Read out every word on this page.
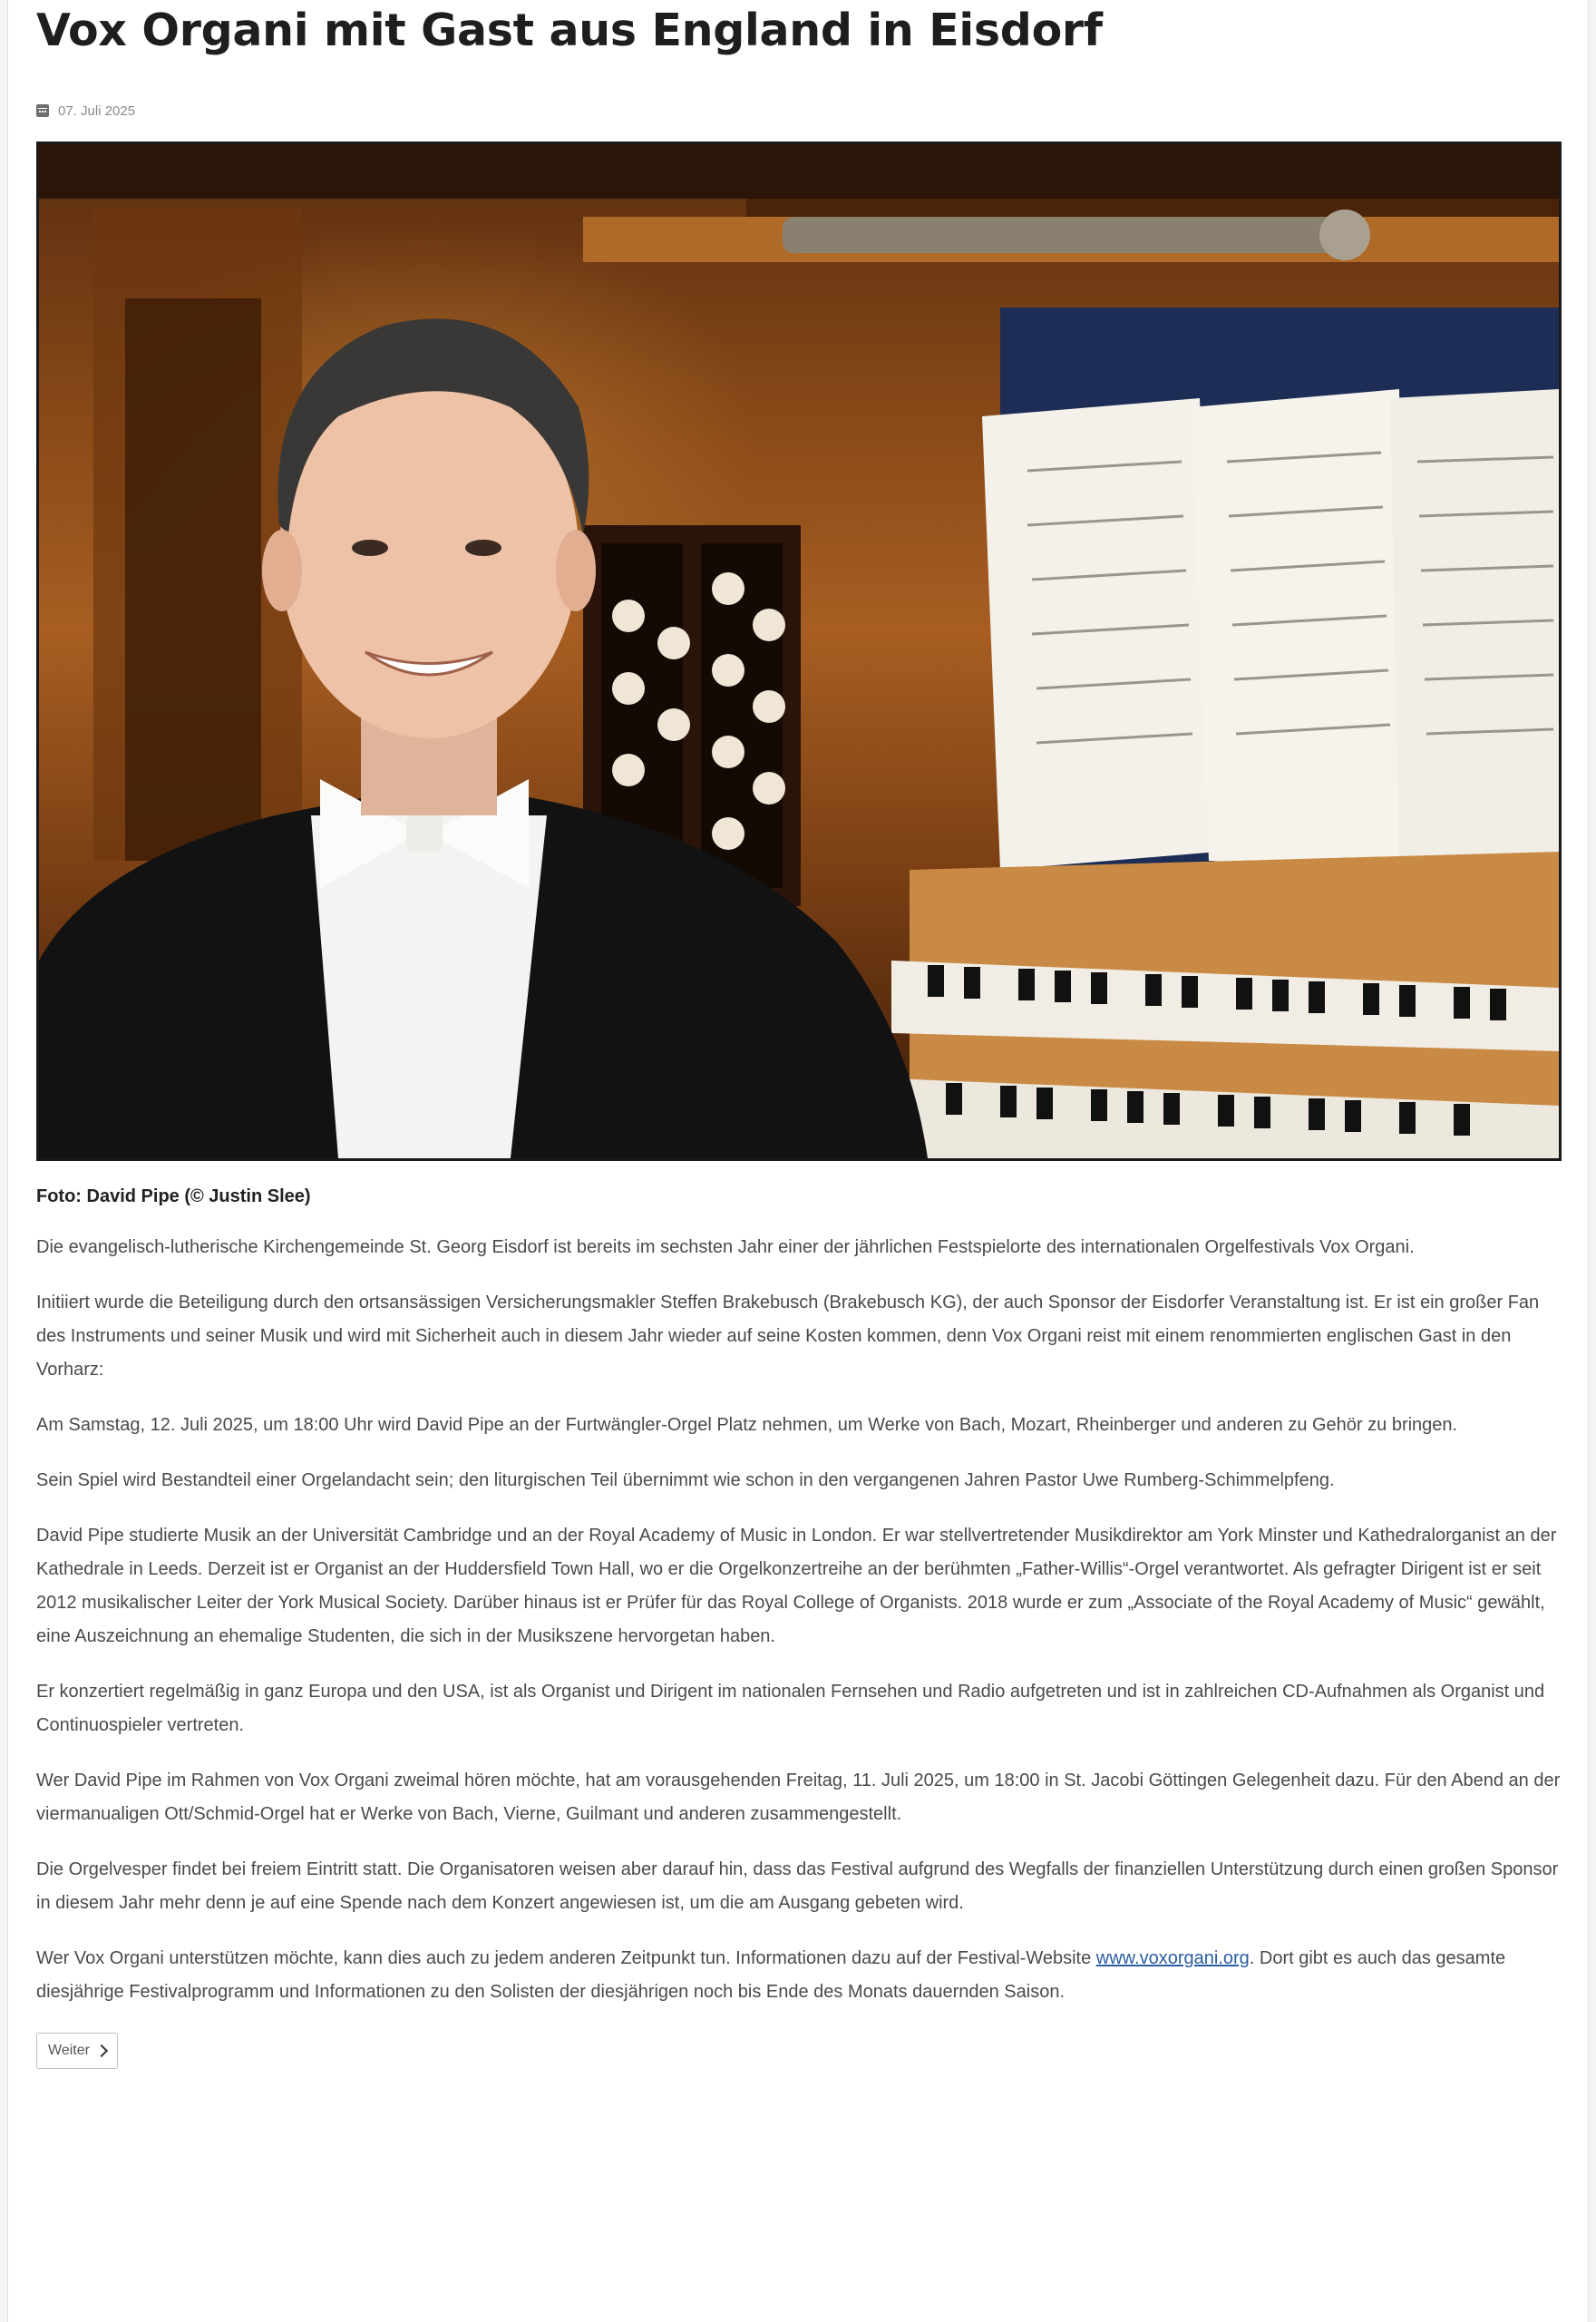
Vox Organi mit Gast aus England in Eisdorf
07. Juli 2025
Foto: David Pipe (© Justin Slee)

Die evangelisch-lutherische Kirchengemeinde St. Georg Eisdorf ist bereits im sechsten Jahr einer der jährlichen Festspielorte des internationalen Orgelfestivals Vox Organi.

Initiiert wurde die Beteiligung durch den ortsansässigen Versicherungsmakler Steffen Brakebusch (Brakebusch KG), der auch Sponsor der Eisdorfer Veranstaltung ist. Er ist ein großer Fan des Instruments und seiner Musik und wird mit Sicherheit auch in diesem Jahr wieder auf seine Kosten kommen, denn Vox Organi reist mit einem renommierten englischen Gast in den Vorharz:

Am Samstag, 12. Juli 2025, um 18:00 Uhr wird David Pipe an der Furtwängler-Orgel Platz nehmen, um Werke von Bach, Mozart, Rheinberger und anderen zu Gehör zu bringen.

Sein Spiel wird Bestandteil einer Orgelandacht sein; den liturgischen Teil übernimmt wie schon in den vergangenen Jahren Pastor Uwe Rumberg-Schimmelpfeng.

David Pipe studierte Musik an der Universität Cambridge und an der Royal Academy of Music in London. Er war stellvertretender Musikdirektor am York Minster und Kathedralorganist an der Kathedrale in Leeds. Derzeit ist er Organist an der Huddersfield Town Hall, wo er die Orgelkonzertreihe an der berühmten „Father-Willis“-Orgel verantwortet. Als gefragter Dirigent ist er seit 2012 musikalischer Leiter der York Musical Society. Darüber hinaus ist er Prüfer für das Royal College of Organists. 2018 wurde er zum „Associate of the Royal Academy of Music“ gewählt, eine Auszeichnung an ehemalige Studenten, die sich in der Musikszene hervorgetan haben.

Er konzertiert regelmäßig in ganz Europa und den USA, ist als Organist und Dirigent im nationalen Fernsehen und Radio aufgetreten und ist in zahlreichen CD-Aufnahmen als Organist und Continuospieler vertreten.

Wer David Pipe im Rahmen von Vox Organi zweimal hören möchte, hat am vorausgehenden Freitag, 11. Juli 2025, um 18:00 in St. Jacobi Göttingen Gelegenheit dazu. Für den Abend an der viermanualigen Ott/Schmid-Orgel hat er Werke von Bach, Vierne, Guilmant und anderen zusammengestellt.

Die Orgelvesper findet bei freiem Eintritt statt. Die Organisatoren weisen aber darauf hin, dass das Festival aufgrund des Wegfalls der finanziellen Unterstützung durch einen großen Sponsor in diesem Jahr mehr denn je auf eine Spende nach dem Konzert angewiesen ist, um die am Ausgang gebeten wird.

Wer Vox Organi unterstützen möchte, kann dies auch zu jedem anderen Zeitpunkt tun. Informationen dazu auf der Festival-Website www.voxorgani.org. Dort gibt es auch das gesamte diesjährige Festivalprogramm und Informationen zu den Solisten der diesjährigen noch bis Ende des Monats dauernden Saison.

Weiter
